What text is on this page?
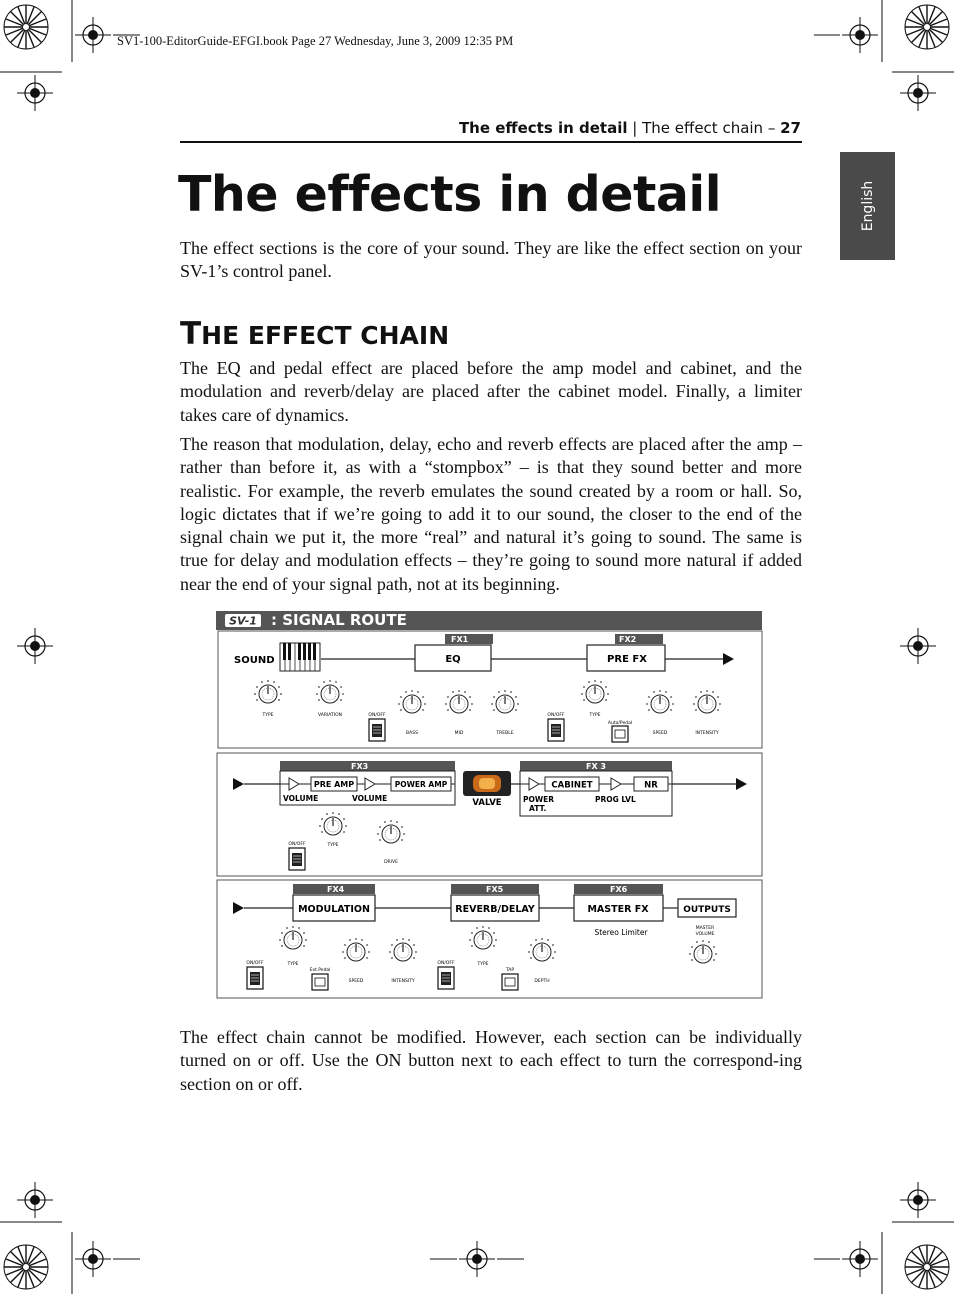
SV1-100-EditorGuide-EFGI.book Page 27 Wednesday, June 3, 2009 12:35 PM
The effects in detail | The effect chain – 27
English
The effects in detail

The effect sections is the core of your sound. They are like the effect section on your SV-1’s control panel.

THE EFFECT CHAIN

The EQ and pedal effect are placed before the amp model and cabinet, and the modulation and reverb/delay are placed after the cabinet model. Finally, a limiter takes care of dynamics.

The reason that modulation, delay, echo and reverb effects are placed after the amp – rather than before it, as with a “stompbox” – is that they sound better and more realistic. For example, the reverb emulates the sound created by a room or hall. So, logic dictates that if we’re going to add it to our sound, the closer to the end of the signal chain we put it, the more “real” and natural it’s going to sound. The same is true for delay and modulation effects – they’re going to sound more natural if added near the end of your signal path, not at its beginning.

SV-1 : SIGNAL ROUTE
SOUND
FX1
EQ
FX2
PRE FX
TYPE	VARIATION	ON/OFF
BASS	MID	TREBLE
ON/OFF	TYPE
Auto/Pedal
SPEED	INTENSITY
FX3
PRE AMP	POWER AMP
VOLUME	VOLUME	VALVE
FX 3
CABINET	NR
POWER
ATT.
PROG LVL
TYPE
DRIVE
ON/OFF
FX4
MODULATION
FX5
REVERB/DELAY
FX6
MASTER FX	OUTPUTS
Stereo Limiter	MASTER
VOLUME
TYPE
ON/OFF
Ext.Pedal
SPEED	INTENSITY
ON/OFF	TYPE
TAP
DEPTH

The effect chain cannot be modified. However, each section can be individually turned on or off. Use the ON button next to each effect to turn the correspond-ing section on or off.
